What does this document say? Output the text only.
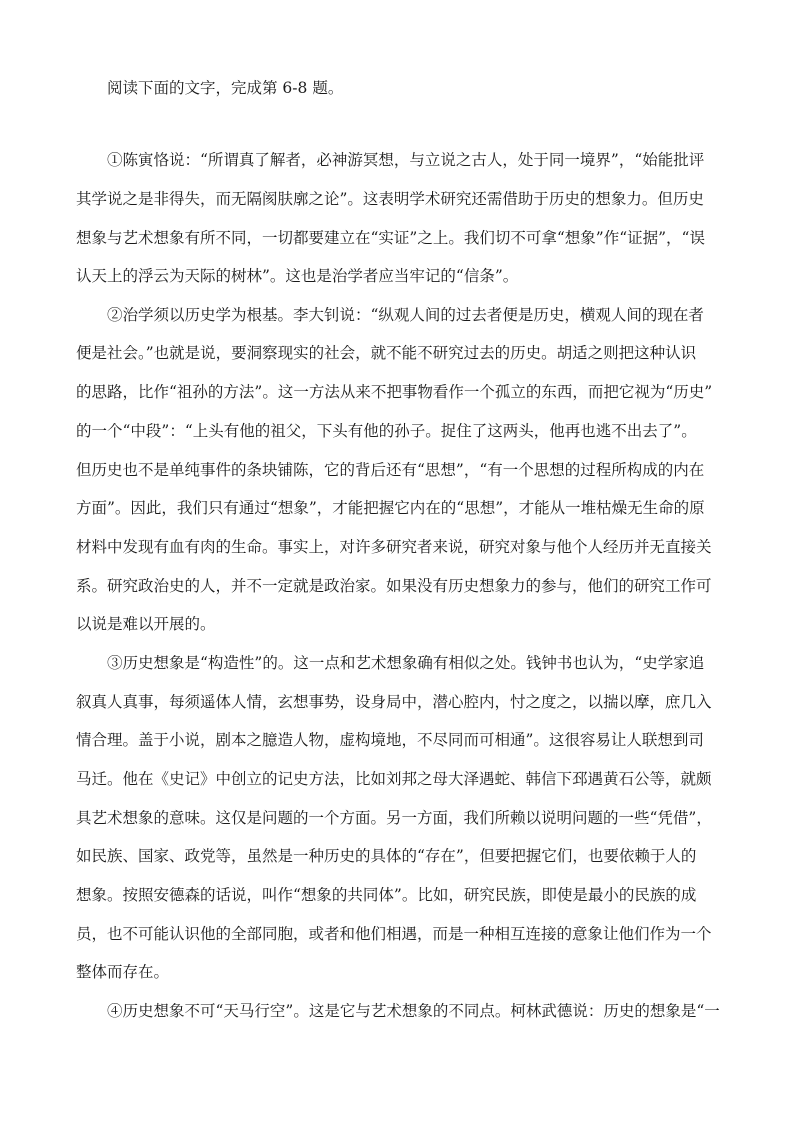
阅读下面的文字，完成第 6-8 题。
①陈寅恪说：“所谓真了解者，必神游冥想，与立说之古人，处于同一境界”，“始能批评
其学说之是非得失，而无隔阂肤廓之论”。这表明学术研究还需借助于历史的想象力。但历史
想象与艺术想象有所不同，一切都要建立在“实证”之上。我们切不可拿“想象”作“证据”，“误
认天上的浮云为天际的树林”。这也是治学者应当牢记的“信条”。
②治学须以历史学为根基。李大钊说：“纵观人间的过去者便是历史，横观人间的现在者
便是社会。”也就是说，要洞察现实的社会，就不能不研究过去的历史。胡适之则把这种认识
的思路，比作“祖孙的方法”。这一方法从来不把事物看作一个孤立的东西，而把它视为“历史”
的一个“中段”：“上头有他的祖父，下头有他的孙子。捉住了这两头，他再也逃不出去了”。
但历史也不是单纯事件的条块铺陈，它的背后还有“思想”，“有一个思想的过程所构成的内在
方面”。因此，我们只有通过“想象”，才能把握它内在的“思想”，才能从一堆枯燥无生命的原
材料中发现有血有肉的生命。事实上，对许多研究者来说，研究对象与他个人经历并无直接关
系。研究政治史的人，并不一定就是政治家。如果没有历史想象力的参与，他们的研究工作可
以说是难以开展的。
③历史想象是“构造性”的。这一点和艺术想象确有相似之处。钱钟书也认为，“史学家追
叙真人真事，每须遥体人情，玄想事势，设身局中，潜心腔内，忖之度之，以揣以摩，庶几入
情合理。盖于小说，剧本之臆造人物，虚构境地，不尽同而可相通”。这很容易让人联想到司
马迁。他在《史记》中创立的记史方法，比如刘邦之母大泽遇蛇、韩信下邳遇黄石公等，就颇
具艺术想象的意味。这仅是问题的一个方面。另一方面，我们所赖以说明问题的一些“凭借”，
如民族、国家、政党等，虽然是一种历史的具体的“存在”，但要把握它们，也要依赖于人的
想象。按照安德森的话说，叫作“想象的共同体”。比如，研究民族，即使是最小的民族的成
员，也不可能认识他的全部同胞，或者和他们相遇，而是一种相互连接的意象让他们作为一个
整体而存在。
④历史想象不可“天马行空”。这是它与艺术想象的不同点。柯林武德说：历史的想象是“一
